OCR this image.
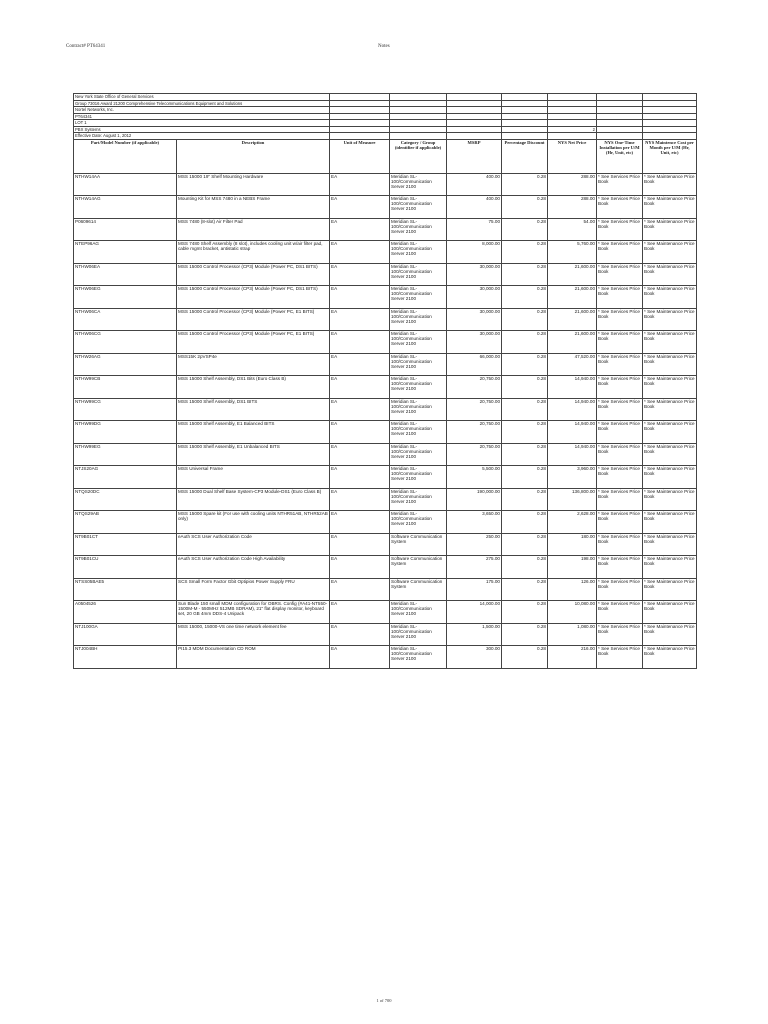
Contract# PT64341	Notes
New York State Office of General Services								
Group 73016 Award 21200 Comprehensive Telecommunications Equipment and Solutions								
Nortel Networks, Inc.								
PT64341								
LOT 1								
PBX Systems						2		
Effective Date: August 1, 2012								
Part/Model Number (if applicable)	Description	Unit of Measure	Category / Group (identifier if applicable)	MSRP	Percentage Discount	NYS Net Price	NYS One-Time Installation per U/M (Hr, Unit, etc)	NYS Maintence Cost per Month per U/M (Hr, Unit, etc)
NTHW14AA	MSS 15000 19" Shelf Mounting Hardware	EA	Meridian SL-100/Communication Server 2100	400.00	0.28	288.00	* See Services Price Book	* See Maintenance Price Book
NTHW14AG	Mounting Kit for MSS 7480 in a NEBS Frame	EA	Meridian SL-100/Communication Server 2100	400.00	0.28	288.00	* See Services Price Book	* See Maintenance Price Book
P0609614	MSS 7480 (8-slot) Air Filter Pad	EA	Meridian SL-100/Communication Server 2100	75.00	0.28	54.00	* See Services Price Book	* See Maintenance Price Book
NTEP96AG	MSS 7480 Shelf Assembly (8 slot), includes cooling unit w/air filter pad, cable mgmt bracket, antistatic strap	EA	Meridian SL-100/Communication Server 2100	8,000.00	0.28	5,760.00	* See Services Price Book	* See Maintenance Price Book
NTHW06EA	MSS 15000 Control Processor (CP3) Module (Power PC, DS1 BITS)	EA	Meridian SL-100/Communication Server 2100	30,000.00	0.28	21,600.00	* See Services Price Book	* See Maintenance Price Book
NTHW06EG	MSS 15000 Control Processor (CP3) Module (Power PC, DS1 BITS)	EA	Meridian SL-100/Communication Server 2100	30,000.00	0.28	21,600.00	* See Services Price Book	* See Maintenance Price Book
NTHW06CA	MSS 15000 Control Processor (CP3) Module (Power PC, E1 BITS)	EA	Meridian SL-100/Communication Server 2100	30,000.00	0.28	21,600.00	* See Services Price Book	* See Maintenance Price Book
NTHW06CG	MSS 15000 Control Processor (CP3) Module (Power PC, E1 BITS)	EA	Meridian SL-100/Communication Server 2100	30,000.00	0.28	21,600.00	* See Services Price Book	* See Maintenance Price Book
NTHW26AG	MSS15K 2pVSP4e	EA	Meridian SL-100/Communication Server 2100	66,000.00	0.28	47,520.00	* See Services Price Book	* See Maintenance Price Book
NTHW99CB	MSS 15000 Shelf Assembly, DS1 Bits (Euro Class B)	EA	Meridian SL-100/Communication Server 2100	20,750.00	0.28	14,940.00	* See Services Price Book	* See Maintenance Price Book
NTHW99CG	MSS 15000 Shelf Assembly, DS1 BITS	EA	Meridian SL-100/Communication Server 2100	20,750.00	0.28	14,940.00	* See Services Price Book	* See Maintenance Price Book
NTHW99DG	MSS 15000 Shelf Assembly, E1 Balanced BITS	EA	Meridian SL-100/Communication Server 2100	20,750.00	0.28	14,940.00	* See Services Price Book	* See Maintenance Price Book
NTHW99EG	MSS 15000 Shelf Assembly, E1 Unbalanced BITS	EA	Meridian SL-100/Communication Server 2100	20,750.00	0.28	14,940.00	* See Services Price Book	* See Maintenance Price Book
NTJS20AG	MSS Universal Frame	EA	Meridian SL-100/Communication Server 2100	5,500.00	0.28	3,960.00	* See Services Price Book	* See Maintenance Price Book
NTQS20DC	MSS 15000 Dual Shelf Base System-CP3 Module-DS1 (Euro Class B)	EA	Meridian SL-100/Communication Server 2100	190,000.00	0.28	136,800.00	* See Services Price Book	* See Maintenance Price Book
NTQS29AB	MSS 15000 Spare kit (For use with cooling units NTHR51AB, NTHR52AB only)	EA	Meridian SL-100/Communication Server 2100	3,650.00	0.28	2,628.00	* See Services Price Book	* See Maintenance Price Book
NT9B01CT	eAuth SCS User Authorization Code	EA	Software Communication System	250.00	0.28	180.00	* See Services Price Book	* See Maintenance Price Book
NT9B01CU	eAuth SCS User Authorization Code High Availability	EA	Software Communication System	275.00	0.28	198.00	* See Services Price Book	* See Maintenance Price Book
NTSS05BAE5	SCS Small Form Factor Gbit Optipios Power Supply FRU	EA	Software Communication System	175.00	0.28	126.00	* See Services Price Book	* See Maintenance Price Book
A0504526	Sun Blade 150 small MDM configuration for OBRS. Config (#A41-NT550-1500M-M - 550MHz 512MB SDRAM), 21" flat display monitor, keyboard set, 20 GB 4mm DDS-4 Unipack	EA	Meridian SL-100/Communication Server 2100	14,000.00	0.28	10,080.00	* See Services Price Book	* See Maintenance Price Book
NTJ100GA	MSS 15000, 15000-VS one time network element fee	EA	Meridian SL-100/Communication Server 2100	1,500.00	0.28	1,080.00	* See Services Price Book	* See Maintenance Price Book
NTJ004BH	PI15.3 MDM Documentation CD ROM	EA	Meridian SL-100/Communication Server 2100	300.00	0.28	216.00	* See Services Price Book	* See Maintenance Price Book
1 of 700
